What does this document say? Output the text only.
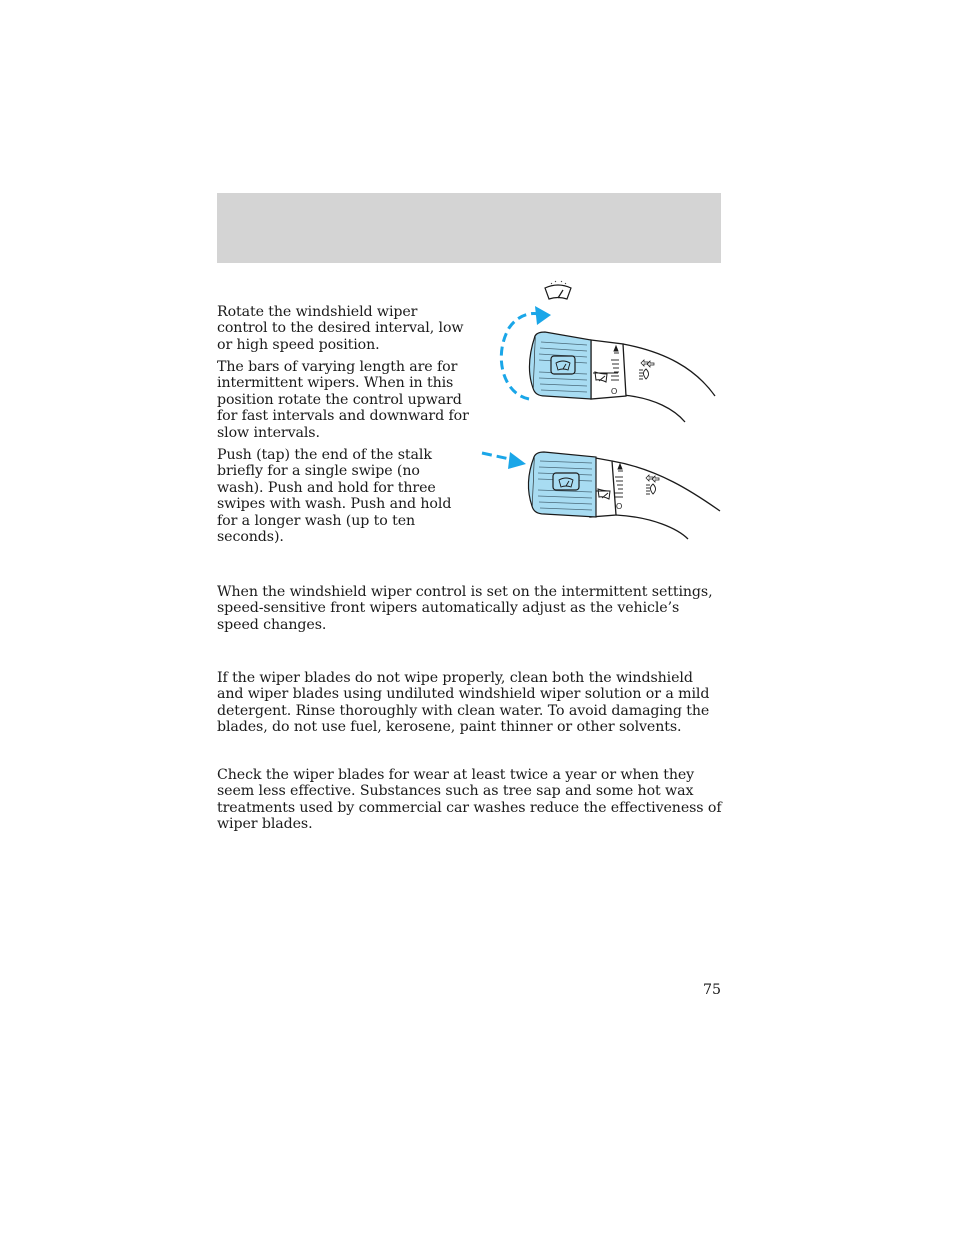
Rotate the windshield wiper control to the desired interval, low or high speed position.

The bars of varying length are for intermittent wipers. When in this position rotate the control upward for fast intervals and downward for slow intervals.

Push (tap) the end of the stalk briefly for a single swipe (no wash). Push and hold for three swipes with wash. Push and hold for a longer wash (up to ten seconds).

O
O

When the windshield wiper control is set on the intermittent settings, speed-sensitive front wipers automatically adjust as the vehicle’s speed changes.

If the wiper blades do not wipe properly, clean both the windshield and wiper blades using undiluted windshield wiper solution or a mild detergent. Rinse thoroughly with clean water. To avoid damaging the blades, do not use fuel, kerosene, paint thinner or other solvents.

Check the wiper blades for wear at least twice a year or when they seem less effective. Substances such as tree sap and some hot wax treatments used by commercial car washes reduce the effectiveness of wiper blades.

75
